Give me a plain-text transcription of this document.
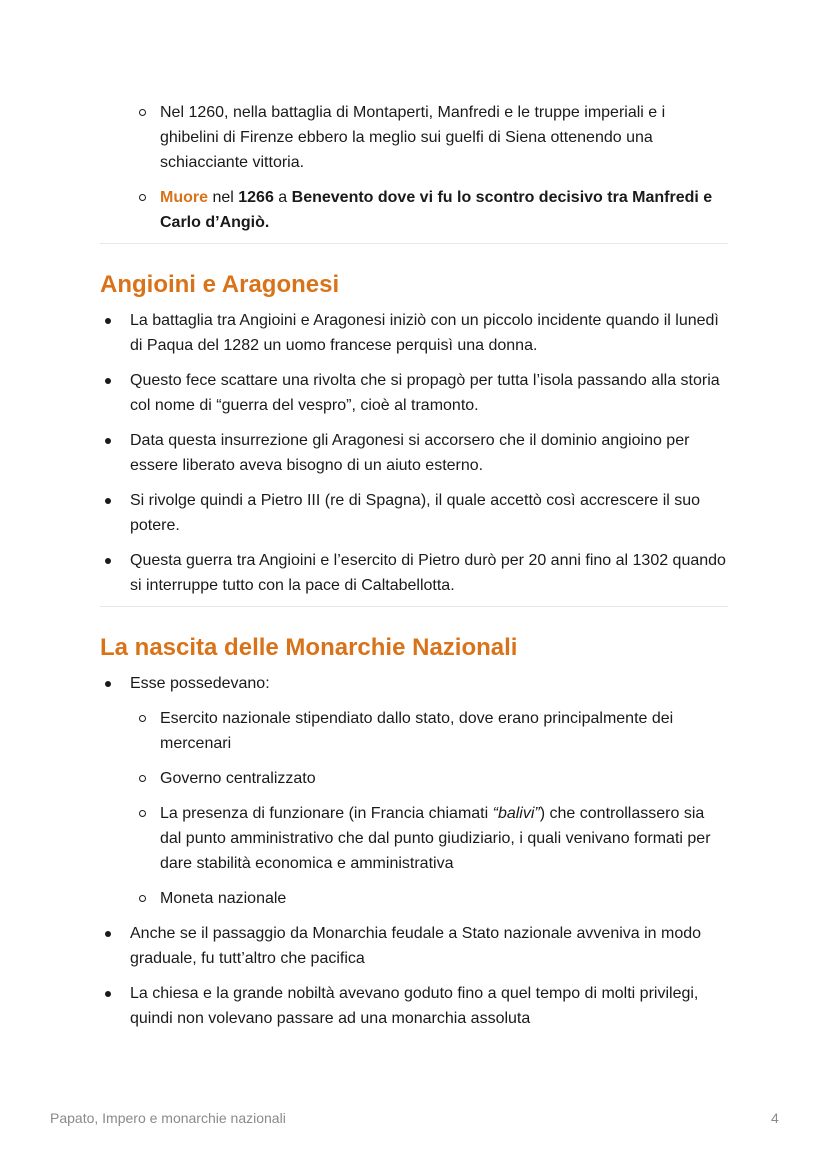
Nel 1260, nella battaglia di Montaperti, Manfredi e le truppe imperiali e i ghibelini di Firenze ebbero la meglio sui guelfi di Siena ottenendo una schiacciante vittoria.
Muore nel 1266 a Benevento dove vi fu lo scontro decisivo tra Manfredi e Carlo d’Angiò.
Angioini e Aragonesi
La battaglia tra Angioini e Aragonesi iniziò con un piccolo incidente quando il lunedì di Paqua del 1282 un uomo francese perquisì una donna.
Questo fece scattare una rivolta che si propagò per tutta l’isola passando alla storia col nome di “guerra del vespro”, cioè al tramonto.
Data questa insurrezione gli Aragonesi si accorsero che il dominio angioino per essere liberato aveva bisogno di un aiuto esterno.
Si rivolge quindi a Pietro III (re di Spagna), il quale accettò così accrescere il suo potere.
Questa guerra tra Angioini e l’esercito di Pietro durò per 20 anni fino al 1302 quando si interruppe tutto con la pace di Caltabellotta.
La nascita delle Monarchie Nazionali
Esse possedevano:
Esercito nazionale stipendiato dallo stato, dove erano principalmente dei mercenari
Governo centralizzato
La presenza di funzionare (in Francia chiamati “balivi”) che controllassero sia dal punto amministrativo che dal punto giudiziario, i quali venivano formati per dare stabilità economica e amministrativa
Moneta nazionale
Anche se il passaggio da Monarchia feudale a Stato nazionale avveniva in modo graduale, fu tutt’altro che pacifica
La chiesa e la grande nobiltà avevano goduto fino a quel tempo di molti privilegi, quindi non volevano passare ad una monarchia assoluta
Papato, Impero e monarchie nazionali	4
